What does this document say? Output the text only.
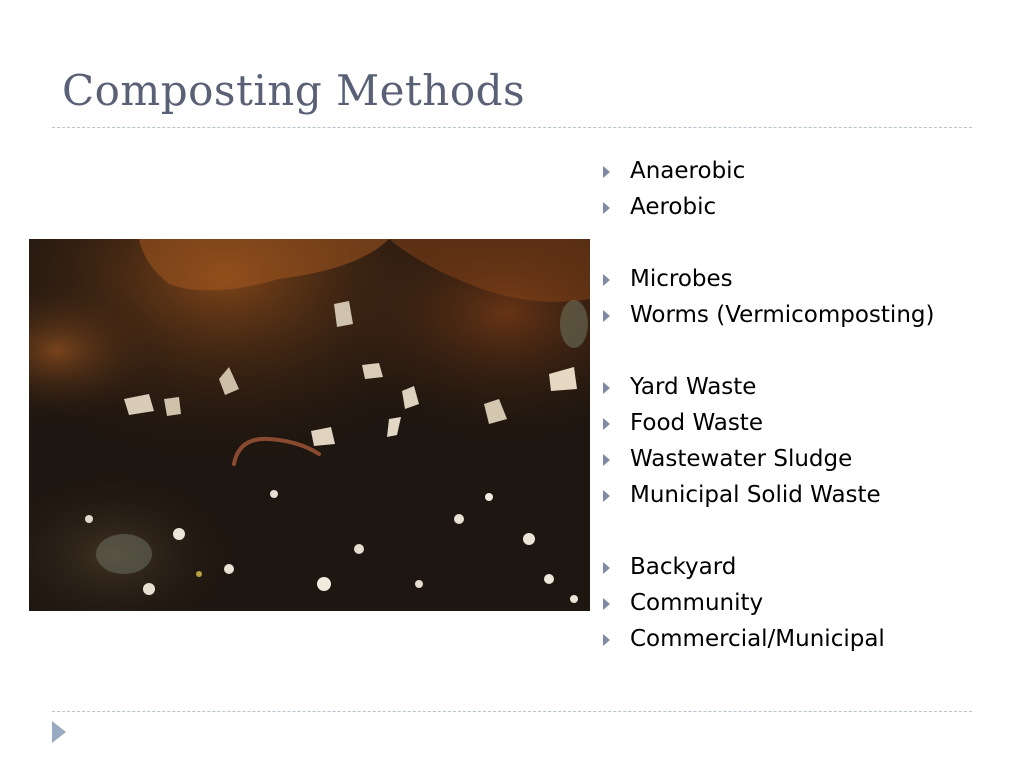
Composting Methods
Anaerobic
Aerobic
Microbes
Worms (Vermicomposting)
Yard Waste
Food Waste
Wastewater Sludge
Municipal Solid Waste
Backyard
Community
Commercial/Municipal
